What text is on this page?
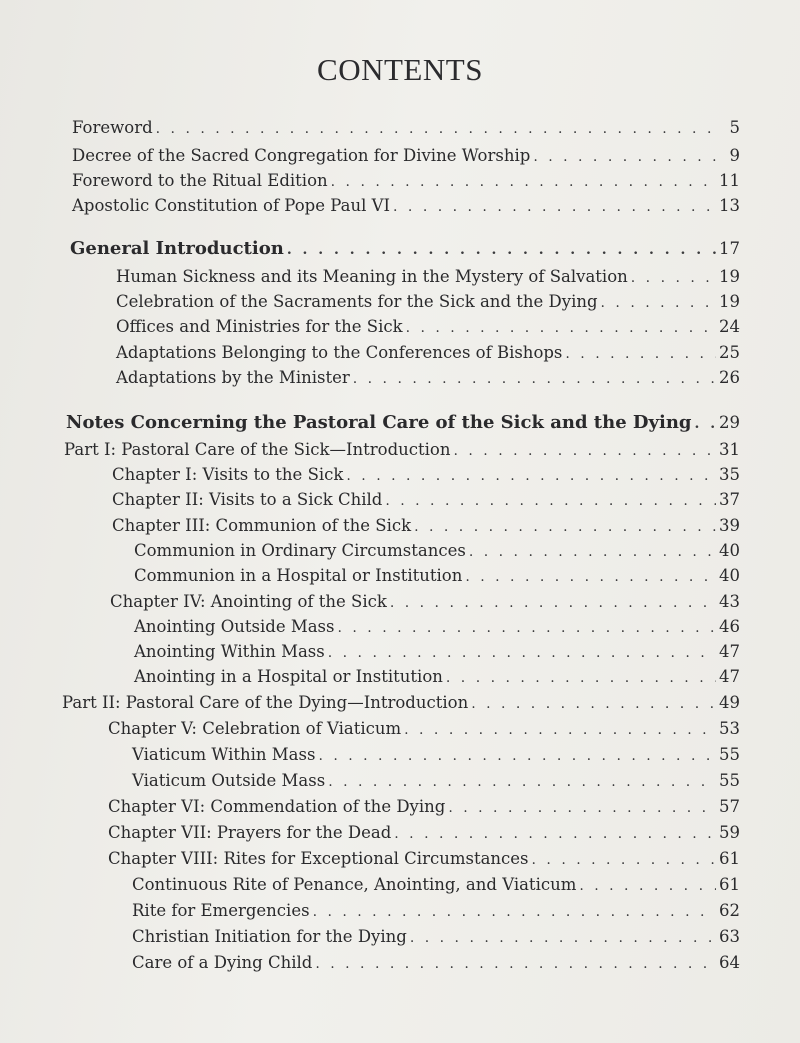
CONTENTS
Foreword . . .	5
Decree of the Sacred Congregation for Divine Worship . . .	9
Foreword to the Ritual Edition . . .	11
Apostolic Constitution of Pope Paul VI . . .	13
General Introduction . . .	17
Human Sickness and its Meaning in the Mystery of Salvation . . .	19
Celebration of the Sacraments for the Sick and the Dying . . .	19
Offices and Ministries for the Sick . . .	24
Adaptations Belonging to the Conferences of Bishops . . .	25
Adaptations by the Minister . . .	26
Notes Concerning the Pastoral Care of the Sick and the Dying . . . 29
Part I: Pastoral Care of the Sick—Introduction . . .	31
Chapter I: Visits to the Sick . . .	35
Chapter II: Visits to a Sick Child . . .	37
Chapter III: Communion of the Sick . . .	39
Communion in Ordinary Circumstances . . .	40
Communion in a Hospital or Institution . . .	40
Chapter IV: Anointing of the Sick . . .	43
Anointing Outside Mass . . .	46
Anointing Within Mass . . .	47
Anointing in a Hospital or Institution . . .	47
Part II: Pastoral Care of the Dying—Introduction . . .	49
Chapter V: Celebration of Viaticum . . .	53
Viaticum Within Mass . . .	55
Viaticum Outside Mass . . .	55
Chapter VI: Commendation of the Dying . . .	57
Chapter VII: Prayers for the Dead . . .	59
Chapter VIII: Rites for Exceptional Circumstances . . .	61
Continuous Rite of Penance, Anointing, and Viaticum . . .	61
Rite for Emergencies . . .	62
Christian Initiation for the Dying . . .	63
Care of a Dying Child . . .	64
